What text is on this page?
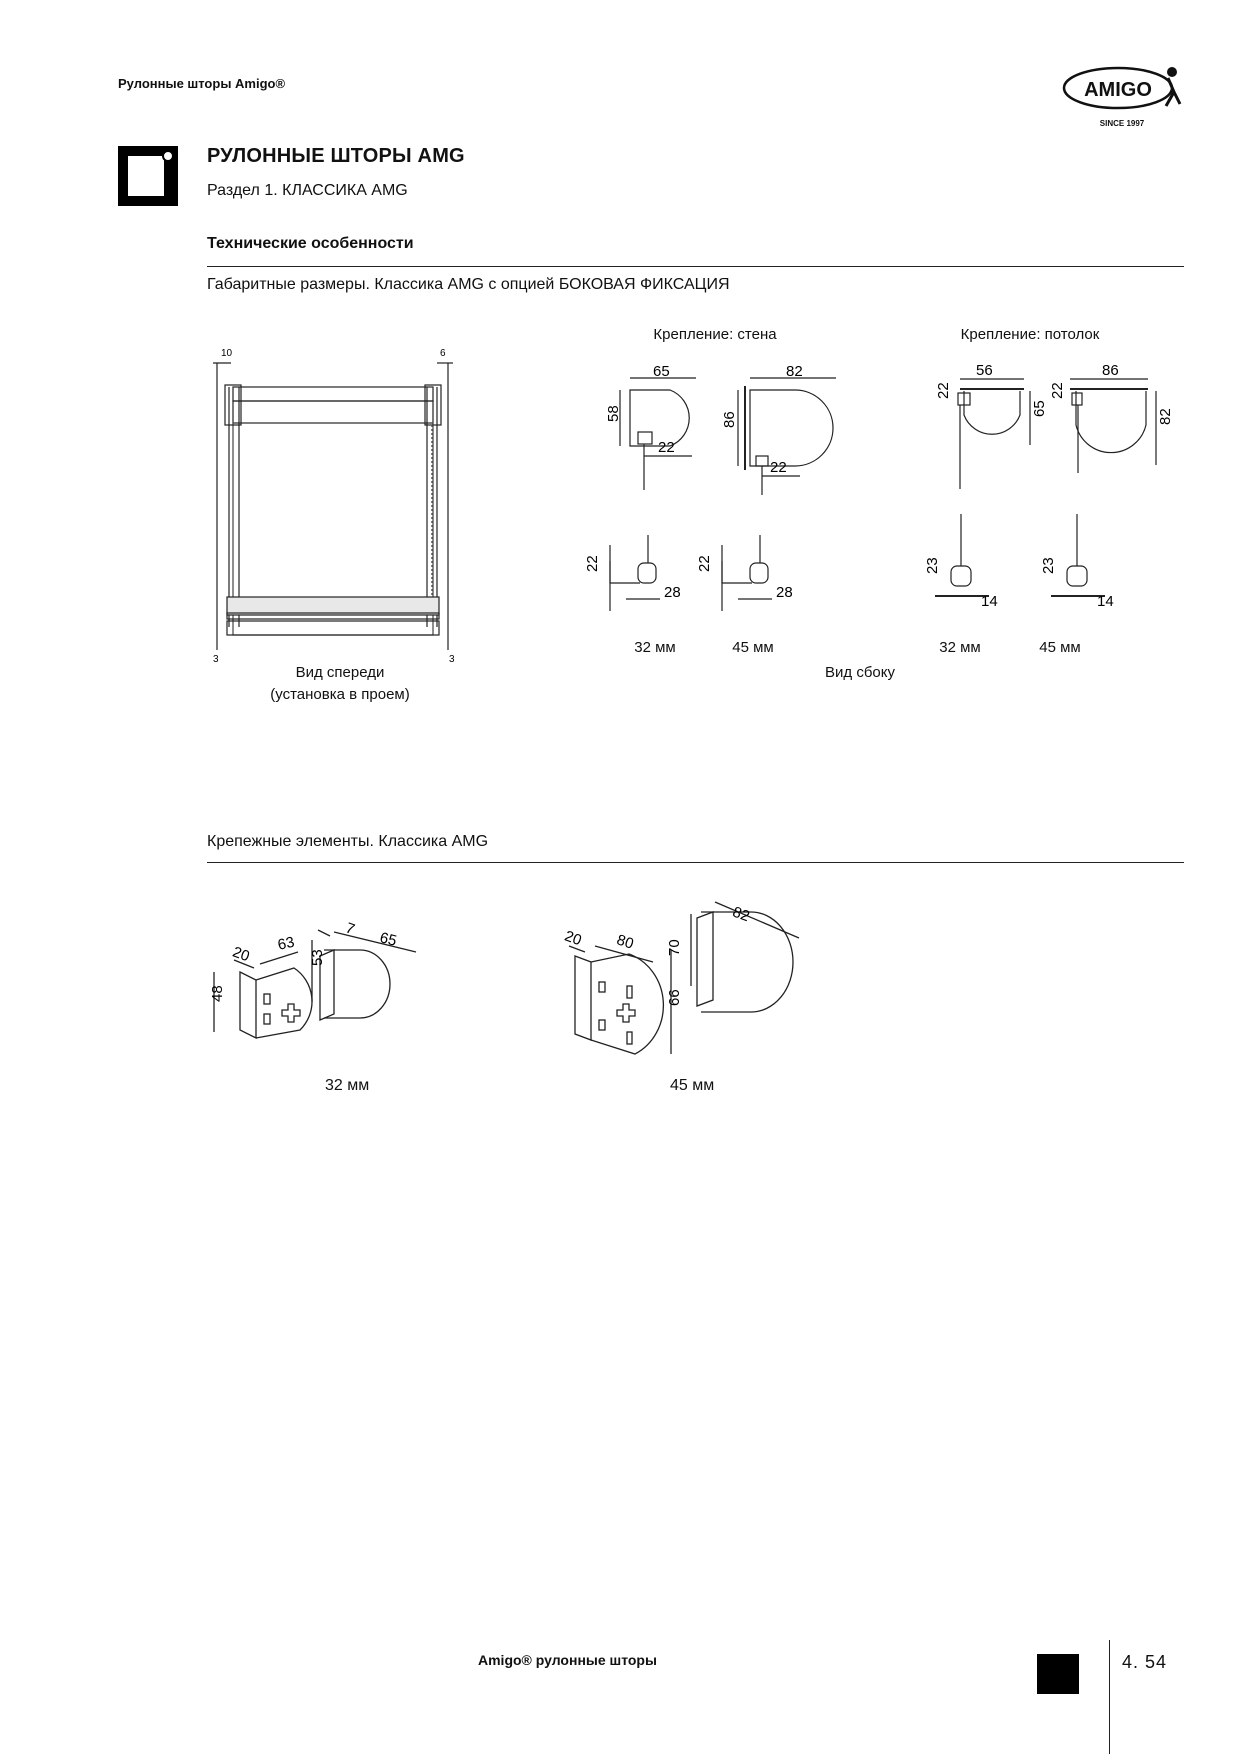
Рулонные шторы Amigo®	AMIGO
SINCE 1997
РУЛОННЫЕ ШТОРЫ AMG
Раздел 1. КЛАССИКА AMG
Технические особенности
Габаритные размеры. Классика AMG с опцией БОКОВАЯ ФИКСАЦИЯ
10	6
3	3
Вид спереди
(установка в проем)
Крепление: стена
65
58
22
82
86
22
22
28
22
28
32 мм	45 мм
Крепление: потолок
56
65
22
86
82
22
23
14
23
14
32 мм	45 мм
Вид сбоку
Крепежные элементы. Классика AMG
20 63
48
7
65
53
32 мм
20 80
66
82
70
45 мм
Amigo® рулонные шторы	4. 54
